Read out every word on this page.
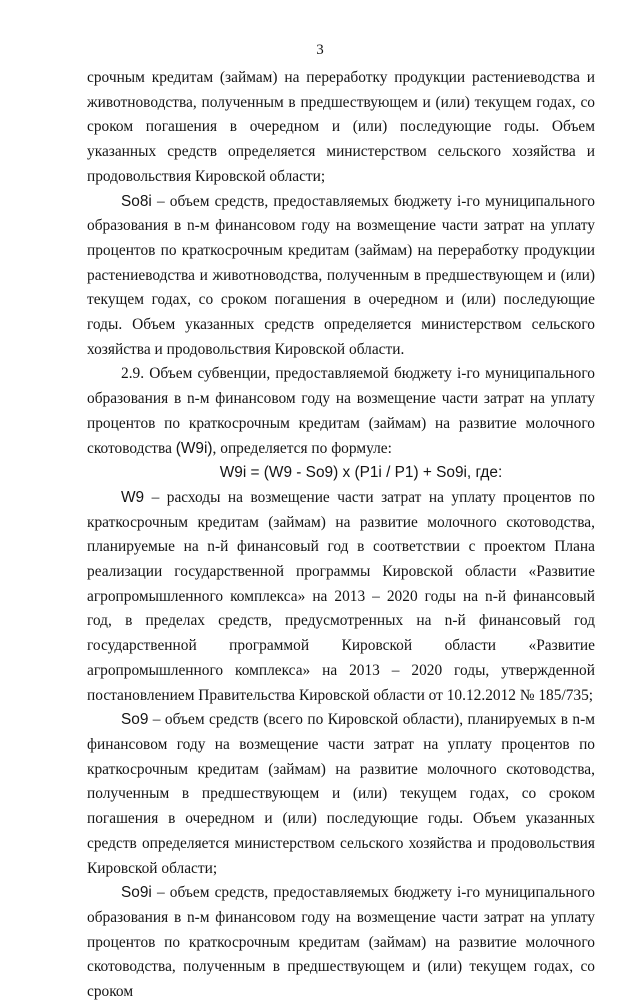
3

срочным кредитам (займам) на переработку продукции растениеводства и животноводства, полученным в предшествующем и (или) текущем годах, со сроком погашения в очередном и (или) последующие годы. Объем указанных средств определяется министерством сельского хозяйства и продовольствия Кировской области;

So8i – объем средств, предоставляемых бюджету i-го муниципального образования в n-м финансовом году на возмещение части затрат на уплату процентов по краткосрочным кредитам (займам) на переработку продукции растениеводства и животноводства, полученным в предшествующем и (или) текущем годах, со сроком погашения в очередном и (или) последующие годы. Объем указанных средств определяется министерством сельского хозяйства и продовольствия Кировской области.

2.9. Объем субвенции, предоставляемой бюджету i-го муниципального образования в n-м финансовом году на возмещение части затрат на уплату процентов по краткосрочным кредитам (займам) на развитие молочного скотоводства (W9i), определяется по формуле:

W9i = (W9 - So9) x (P1i / P1) + So9i, где:

W9 – расходы на возмещение части затрат на уплату процентов по краткосрочным кредитам (займам) на развитие молочного скотоводства, планируемые на n-й финансовый год в соответствии с проектом Плана реализации государственной программы Кировской области «Развитие агропромышленного комплекса» на 2013 – 2020 годы на n-й финансовый год, в пределах средств, предусмотренных на n-й финансовый год государственной программой Кировской области «Развитие агропромышленного комплекса» на 2013 – 2020 годы, утвержденной постановлением Правительства Кировской области от 10.12.2012 № 185/735;

So9 – объем средств (всего по Кировской области), планируемых в n-м финансовом году на возмещение части затрат на уплату процентов по краткосрочным кредитам (займам) на развитие молочного скотоводства, полученным в предшествующем и (или) текущем годах, со сроком погашения в очередном и (или) последующие годы. Объем указанных средств определяется министерством сельского хозяйства и продовольствия Кировской области;

So9i – объем средств, предоставляемых бюджету i-го муниципального образования в n-м финансовом году на возмещение части затрат на уплату процентов по краткосрочным кредитам (займам) на развитие молочного скотоводства, полученным в предшествующем и (или) текущем годах, со сроком
